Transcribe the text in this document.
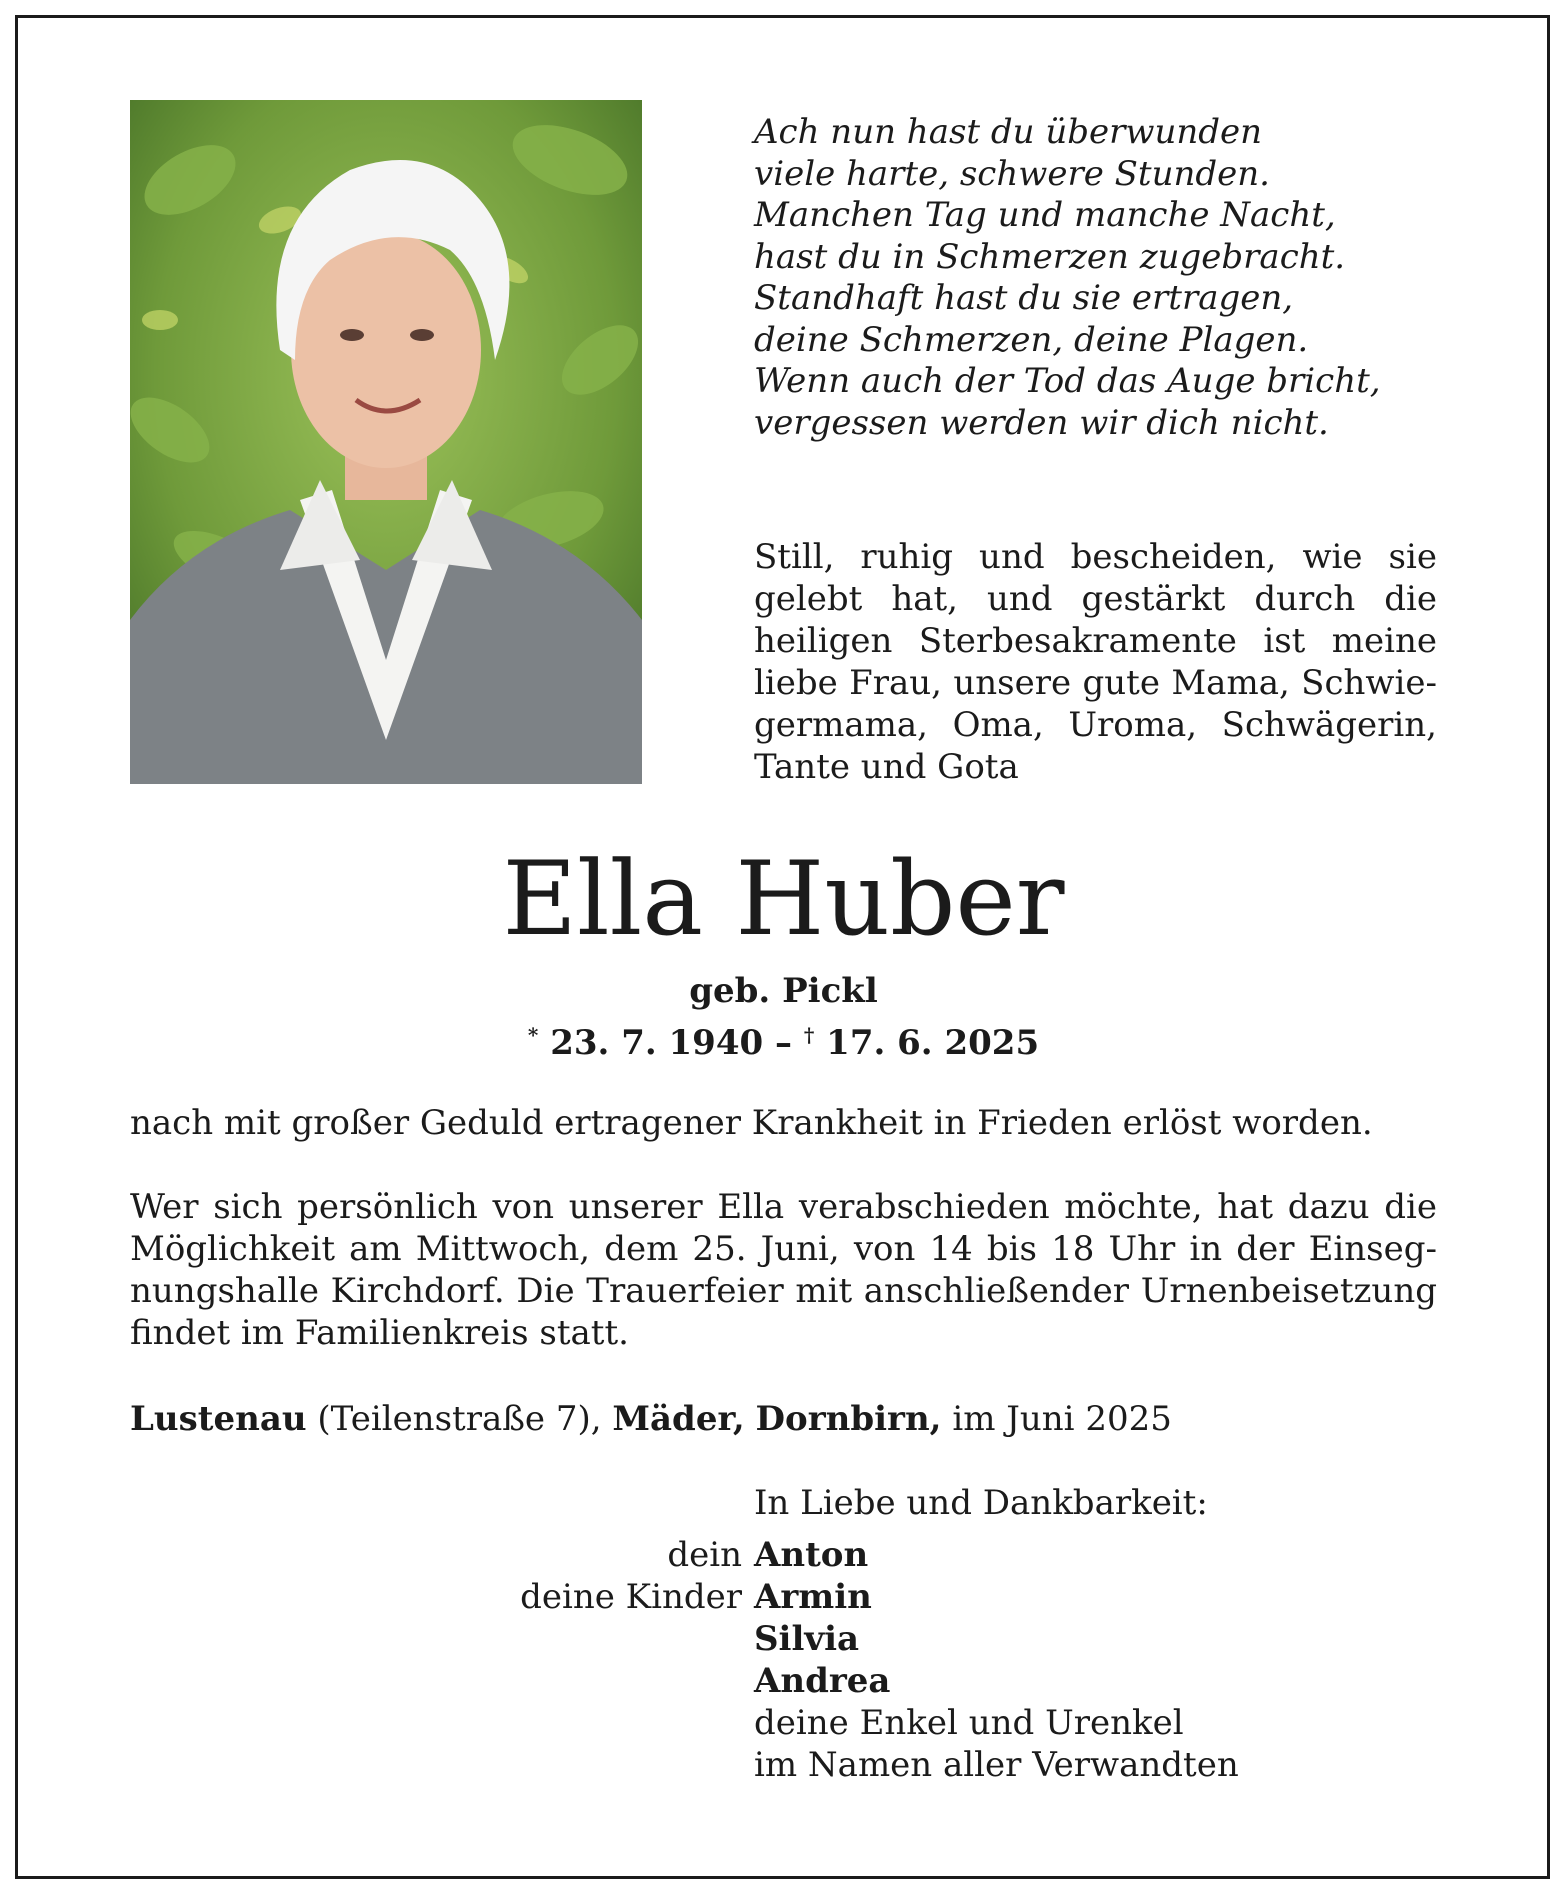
Ach nun hast du überwunden
viele harte, schwere Stunden.
Manchen Tag und manche Nacht,
hast du in Schmerzen zugebracht.
Standhaft hast du sie ertragen,
deine Schmerzen, deine Plagen.
Wenn auch der Tod das Auge bricht,
vergessen werden wir dich nicht.
Still, ruhig und bescheiden, wie sie gelebt hat, und gestärkt durch die heiligen Sterbesakramente ist meine liebe Frau, unsere gute Mama, Schwiegermama, Oma, Uroma, Schwägerin, Tante und Gota
Ella Huber
geb. Pickl
* 23. 7. 1940 – † 17. 6. 2025
nach mit großer Geduld ertragener Krankheit in Frieden erlöst worden.
Wer sich persönlich von unserer Ella verabschieden möchte, hat dazu die Möglichkeit am Mittwoch, dem 25. Juni, von 14 bis 18 Uhr in der Einsegnungshalle Kirchdorf. Die Trauerfeier mit anschließender Urnenbeisetzung findet im Familienkreis statt.
Lustenau (Teilenstraße 7), Mäder, Dornbirn, im Juni 2025
In Liebe und Dankbarkeit:
dein Anton
deine Kinder Armin
Silvia
Andrea
deine Enkel und Urenkel
im Namen aller Verwandten
